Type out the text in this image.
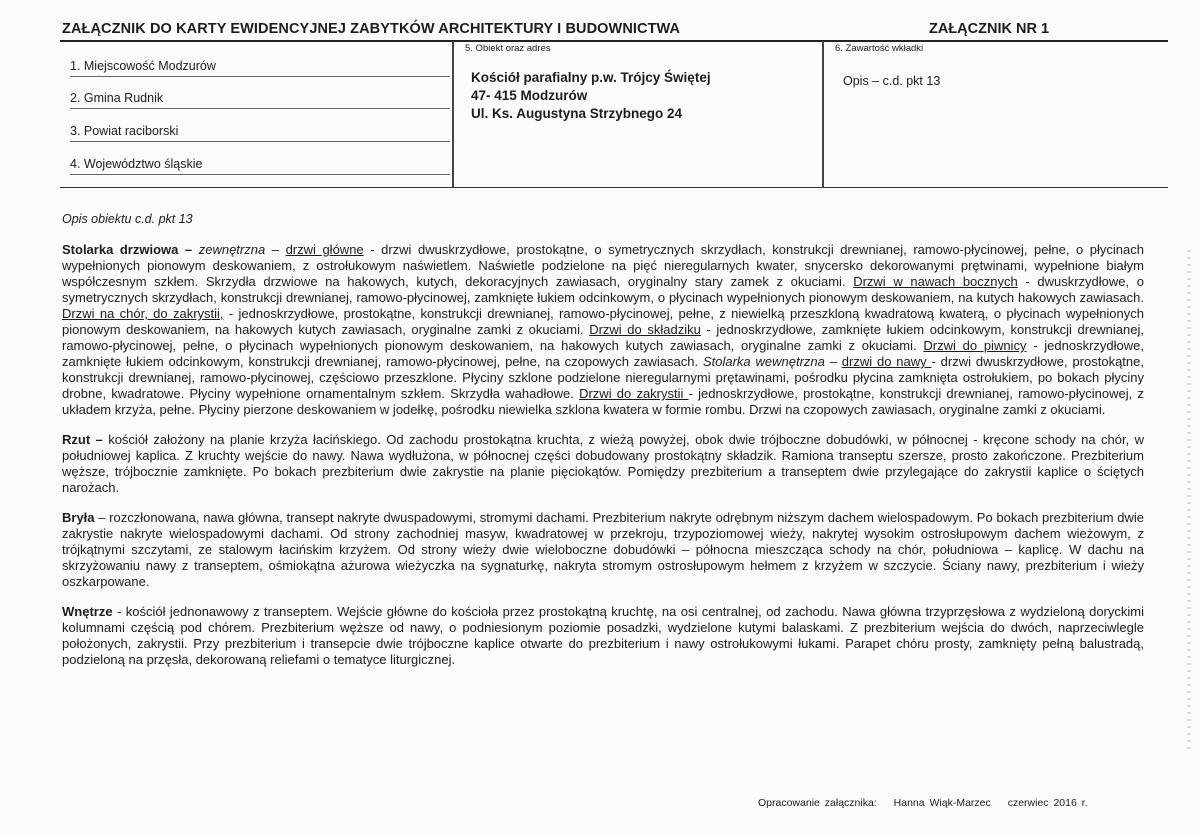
ZAŁĄCZNIK DO KARTY EWIDENCYJNEJ ZABYTKÓW ARCHITEKTURY I BUDOWNICTWA	ZAŁĄCZNIK NR 1
1. Miejscowość Modzurów
2. Gmina Rudnik
3. Powiat raciborski
4. Województwo śląskie
5. Obiekt oraz adres
Kościół parafialny p.w. Trójcy Świętej
47- 415 Modzurów
Ul. Ks. Augustyna Strzybnego 24
6. Zawartość wkładki
Opis – c.d. pkt 13
Opis obiektu c.d. pkt 13

Stolarka drzwiowa – zewnętrzna – drzwi główne - drzwi dwuskrzydłowe, prostokątne, o symetrycznych skrzydłach, konstrukcji drewnianej, ramowo-płycinowej, pełne, o płycinach wypełnionych pionowym deskowaniem, z ostrołukowym naświetlem. Naświetle podzielone na pięć nieregularnych kwater, snycersko dekorowanymi prętwinami, wypełnione białym współczesnym szkłem. Skrzydła drzwiowe na hakowych, kutych, dekoracyjnych zawiasach, oryginalny stary zamek z okuciami. Drzwi w nawach bocznych - dwuskrzydłowe, o symetrycznych skrzydłach, konstrukcji drewnianej, ramowo-płycinowej, zamknięte łukiem odcinkowym, o płycinach wypełnionych pionowym deskowaniem, na kutych hakowych zawiasach. Drzwi na chór, do zakrystii, - jednoskrzydłowe, prostokątne, konstrukcji drewnianej, ramowo-płycinowej, pełne, z niewielką przeszkloną kwadratową kwaterą, o płycinach wypełnionych pionowym deskowaniem, na hakowych kutych zawiasach, oryginalne zamki z okuciami. Drzwi do składziku - jednoskrzydłowe, zamknięte łukiem odcinkowym, konstrukcji drewnianej, ramowo-płycinowej, pełne, o płycinach wypełnionych pionowym deskowaniem, na hakowych kutych zawiasach, oryginalne zamki z okuciami. Drzwi do piwnicy - jednoskrzydłowe, zamknięte łukiem odcinkowym, konstrukcji drewnianej, ramowo-płycinowej, pełne, na czopowych zawiasach. Stolarka wewnętrzna – drzwi do nawy - drzwi dwuskrzydłowe, prostokątne, konstrukcji drewnianej, ramowo-płycinowej, częściowo przeszklone. Płyciny szklone podzielone nieregularnymi prętawinami, pośrodku płycina zamknięta ostrołukiem, po bokach płyciny drobne, kwadratowe. Płyciny wypełnione ornamentalnym szkłem. Skrzydła wahadłowe. Drzwi do zakrystii - jednoskrzydłowe, prostokątne, konstrukcji drewnianej, ramowo-płycinowej, z układem krzyża, pełne. Płyciny pierzone deskowaniem w jodełkę, pośrodku niewielka szklona kwatera w formie rombu. Drzwi na czopowych zawiasach, oryginalne zamki z okuciami.

Rzut – kościół założony na planie krzyża łacińskiego. Od zachodu prostokątna kruchta, z wieżą powyżej, obok dwie trójboczne dobudówki, w północnej - kręcone schody na chór, w południowej kaplica. Z kruchty wejście do nawy. Nawa wydłużona, w północnej części dobudowany prostokątny składzik. Ramiona transeptu szersze, prosto zakończone. Prezbiterium węższe, trójbocznie zamknięte. Po bokach prezbiterium dwie zakrystie na planie pięciokątów. Pomiędzy prezbiterium a transeptem dwie przylegające do zakrystii kaplice o ściętych narożach.

Bryła – rozczłonowana, nawa główna, transept nakryte dwuspadowymi, stromymi dachami. Prezbiterium nakryte odrębnym niższym dachem wielospadowym. Po bokach prezbiterium dwie zakrystie nakryte wielospadowymi dachami. Od strony zachodniej masyw, kwadratowej w przekroju, trzypoziomowej wieży, nakrytej wysokim ostrosłupowym dachem wieżowym, z trójkątnymi szczytami, ze stalowym łacińskim krzyżem. Od strony wieży dwie wieloboczne dobudówki – północna mieszcząca schody na chór, południowa – kaplicę. W dachu na skrzyżowaniu nawy z transeptem, ośmiokątna ażurowa wieżyczka na sygnaturkę, nakryta stromym ostrosłupowym hełmem z krzyżem w szczycie. Ściany nawy, prezbiterium i wieży oszkarpowane.

Wnętrze - kościół jednonawowy z transeptem. Wejście główne do kościoła przez prostokątną kruchtę, na osi centralnej, od zachodu. Nawa główna trzyprzęsłowa z wydzieloną doryckimi kolumnami częścią pod chórem. Prezbiterium węższe od nawy, o podniesionym poziomie posadzki, wydzielone kutymi balaskami. Z prezbiterium wejścia do dwóch, naprzeciwlegle położonych, zakrystii. Przy prezbiterium i transepcie dwie trójboczne kaplice otwarte do prezbiterium i nawy ostrołukowymi łukami. Parapet chóru prosty, zamknięty pełną balustradą, podzieloną na przęsła, dekorowaną reliefami o tematyce liturgicznej.

Opracowanie załącznika: Hanna Wiąk-Marzec czerwiec 2016 r.
